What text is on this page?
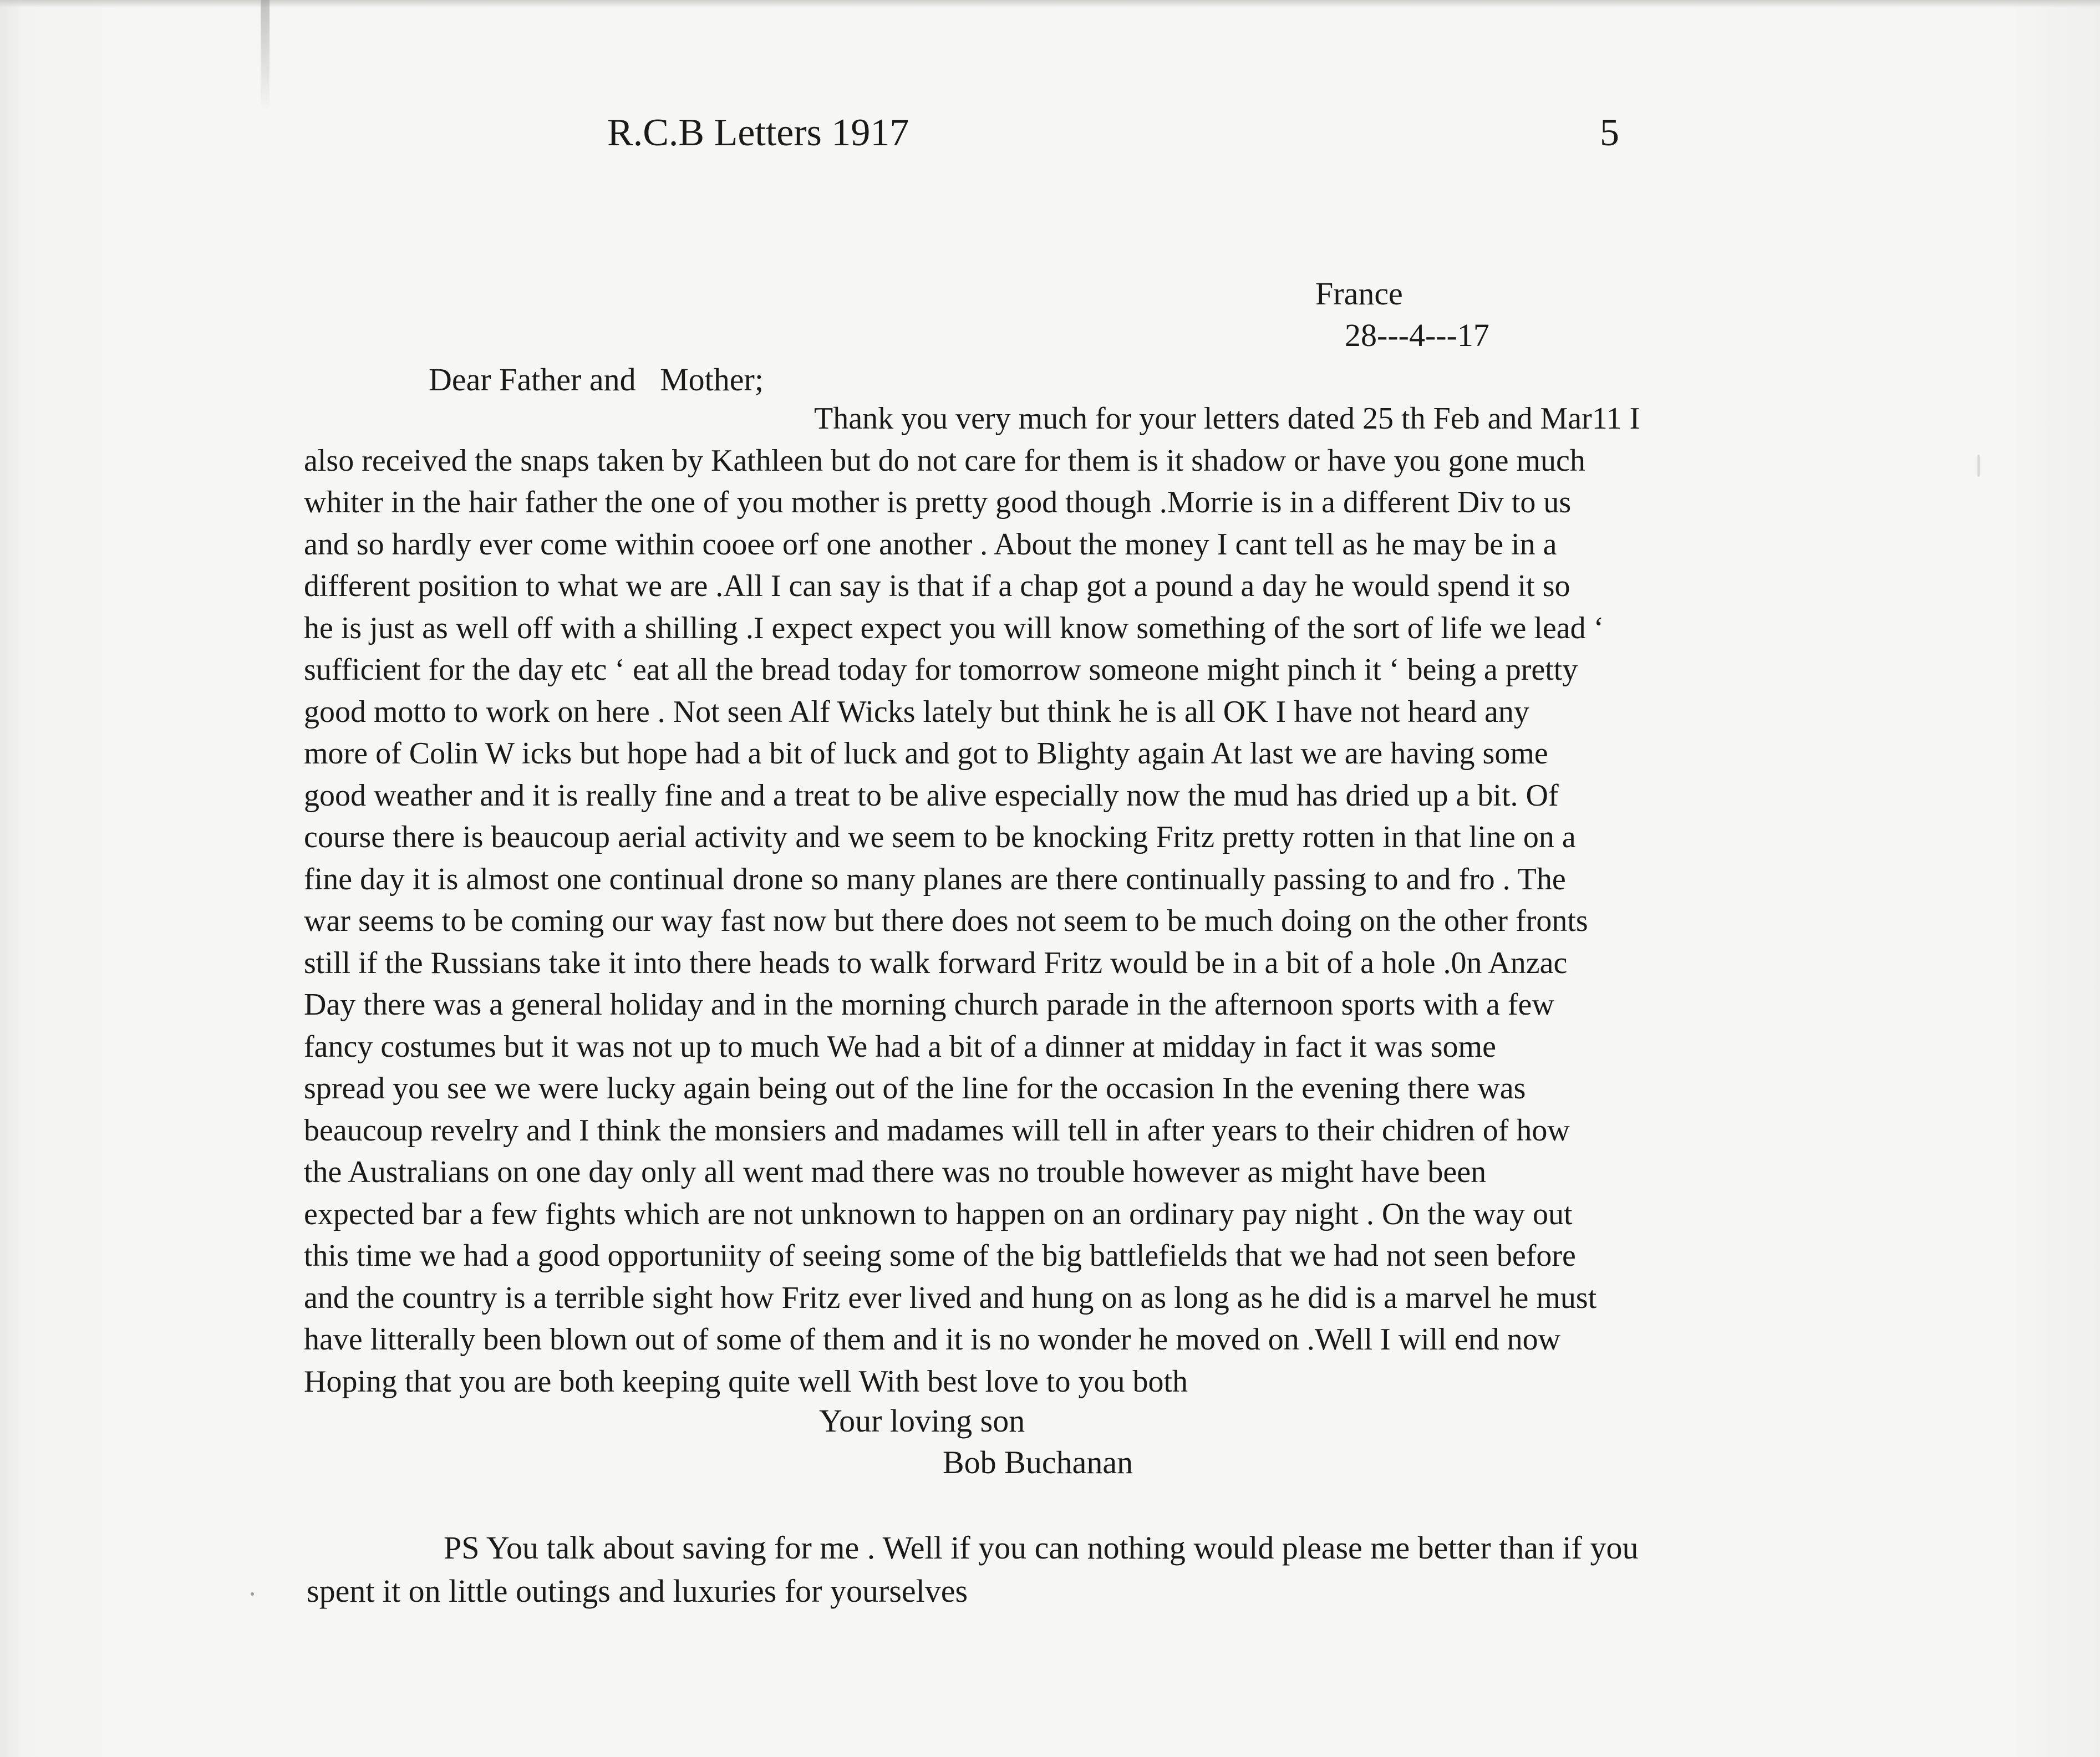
R.C.B Letters 1917	5
France
28---4---17
Dear Father and   Mother;
Thank you very much for your letters dated 25 th Feb and Mar11 I
also received the snaps taken by Kathleen but do not care for them is it shadow or have you gone much
whiter in the hair father the one of you mother is pretty good though .Morrie is in a different Div to us
and so hardly ever come within cooee orf one another . About the money I cant tell as he may be in a
different position to what we are .All I can say is that if a chap got a pound a day he would spend it so
he is just as well off with a shilling .I expect expect you will know something of the sort of life we lead ‘
sufficient for the day etc ‘ eat all the bread today for tomorrow someone might pinch it ‘ being a pretty
good motto to work on here . Not seen Alf Wicks lately but think he is all OK I have not heard any
more of Colin W icks but hope had a bit of luck and got to Blighty again At last we are having some
good weather and it is really fine and a treat to be alive especially now the mud has dried up a bit. Of
course there is beaucoup aerial activity and we seem to be knocking Fritz pretty rotten in that line on a
fine day it is almost one continual drone so many planes are there continually passing to and fro . The
war seems to be coming our way fast now but there does not seem to be much doing on the other fronts
still if the Russians take it into there heads to walk forward Fritz would be in a bit of a hole .0n Anzac
Day there was a general holiday and in the morning church parade in the afternoon sports with a few
fancy costumes but it was not up to much We had a bit of a dinner at midday in fact it was some
spread you see we were lucky again being out of the line for the occasion In the evening there was
beaucoup revelry and I think the monsiers and madames will tell in after years to their chidren of how
the Australians on one day only all went mad there was no trouble however as might have been
expected bar a few fights which are not unknown to happen on an ordinary pay night . On the way out
this time we had a good opportuniity of seeing some of the big battlefields that we had not seen before
and the country is a terrible sight how Fritz ever lived and hung on as long as he did is a marvel he must
have litterally been blown out of some of them and it is no wonder he moved on .Well I will end now
Hoping that you are both keeping quite well With best love to you both
Your loving son
Bob Buchanan
PS You talk about saving for me . Well if you can nothing would please me better than if you
spent it on little outings and luxuries for yourselves
